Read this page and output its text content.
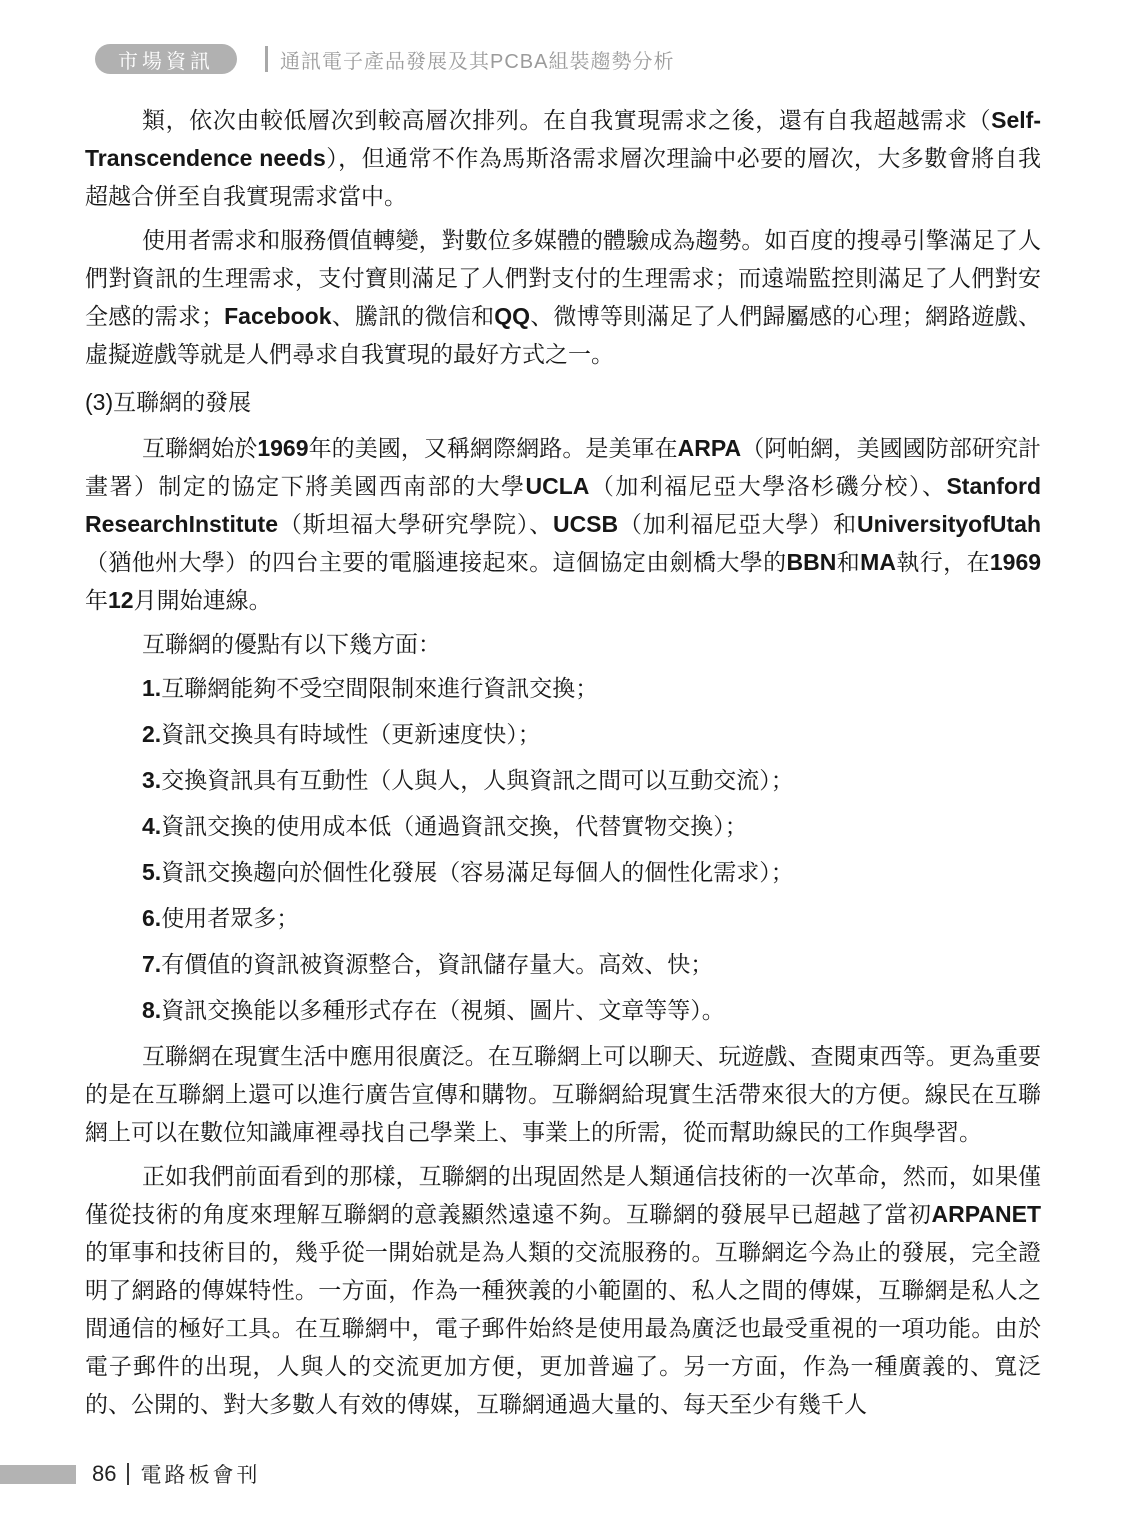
市場資訊	通訊電子產品發展及其PCBA組裝趨勢分析

類，依次由較低層次到較高層次排列。在自我實現需求之後，還有自我超越需求（Self-Transcendence needs），但通常不作為馬斯洛需求層次理論中必要的層次，大多數會將自我超越合併至自我實現需求當中。

使用者需求和服務價值轉變，對數位多媒體的體驗成為趨勢。如百度的搜尋引擎滿足了人們對資訊的生理需求，支付寶則滿足了人們對支付的生理需求；而遠端監控則滿足了人們對安全感的需求；Facebook、騰訊的微信和QQ、微博等則滿足了人們歸屬感的心理；網路遊戲、虛擬遊戲等就是人們尋求自我實現的最好方式之一。

(3)互聯網的發展

互聯網始於1969年的美國，又稱網際網路。是美軍在ARPA（阿帕網，美國國防部研究計畫署）制定的協定下將美國西南部的大學UCLA（加利福尼亞大學洛杉磯分校）、Stanford ResearchInstitute（斯坦福大學研究學院）、UCSB（加利福尼亞大學）和UniversityofUtah（猶他州大學）的四台主要的電腦連接起來。這個協定由劍橋大學的BBN和MA執行，在1969年12月開始連線。

互聯網的優點有以下幾方面：

1.互聯網能夠不受空間限制來進行資訊交換；

2.資訊交換具有時域性（更新速度快）；

3.交換資訊具有互動性（人與人，人與資訊之間可以互動交流）；

4.資訊交換的使用成本低（通過資訊交換，代替實物交換）；

5.資訊交換趨向於個性化發展（容易滿足每個人的個性化需求）；

6.使用者眾多；

7.有價值的資訊被資源整合，資訊儲存量大。高效、快；

8.資訊交換能以多種形式存在（視頻、圖片、文章等等）。

互聯網在現實生活中應用很廣泛。在互聯網上可以聊天、玩遊戲、查閱東西等。更為重要的是在互聯網上還可以進行廣告宣傳和購物。互聯網給現實生活帶來很大的方便。線民在互聯網上可以在數位知識庫裡尋找自己學業上、事業上的所需，從而幫助線民的工作與學習。

正如我們前面看到的那樣，互聯網的出現固然是人類通信技術的一次革命，然而，如果僅僅從技術的角度來理解互聯網的意義顯然遠遠不夠。互聯網的發展早已超越了當初ARPANET的軍事和技術目的，幾乎從一開始就是為人類的交流服務的。互聯網迄今為止的發展，完全證明了網路的傳媒特性。一方面，作為一種狹義的小範圍的、私人之間的傳媒，互聯網是私人之間通信的極好工具。在互聯網中，電子郵件始終是使用最為廣泛也最受重視的一項功能。由於電子郵件的出現，人與人的交流更加方便，更加普遍了。另一方面，作為一種廣義的、寬泛的、公開的、對大多數人有效的傳媒，互聯網通過大量的、每天至少有幾千人

86 電路板會刊
